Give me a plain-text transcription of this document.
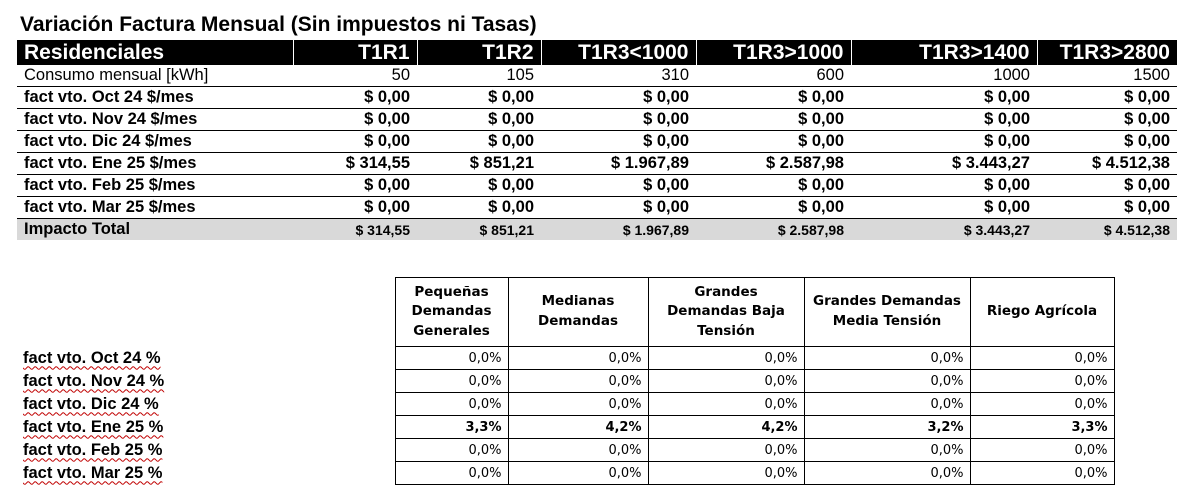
Variación Factura Mensual (Sin impuestos ni Tasas)
Residenciales	T1R1	T1R2	T1R3<1000	T1R3>1000	T1R3>1400	T1R3>2800
Consumo mensual [kWh]	50	105	310	600	1000	1500
fact vto. Oct 24 $/mes	$ 0,00	$ 0,00	$ 0,00	$ 0,00	$ 0,00	$ 0,00
fact vto. Nov 24 $/mes	$ 0,00	$ 0,00	$ 0,00	$ 0,00	$ 0,00	$ 0,00
fact vto. Dic 24 $/mes	$ 0,00	$ 0,00	$ 0,00	$ 0,00	$ 0,00	$ 0,00
fact vto. Ene 25 $/mes	$ 314,55	$ 851,21	$ 1.967,89	$ 2.587,98	$ 3.443,27	$ 4.512,38
fact vto. Feb 25 $/mes	$ 0,00	$ 0,00	$ 0,00	$ 0,00	$ 0,00	$ 0,00
fact vto. Mar 25 $/mes	$ 0,00	$ 0,00	$ 0,00	$ 0,00	$ 0,00	$ 0,00
Impacto Total	$ 314,55	$ 851,21	$ 1.967,89	$ 2.587,98	$ 3.443,27	$ 4.512,38
	Pequeñas Demandas Generales	Medianas Demandas	Grandes Demandas Baja Tensión	Grandes Demandas Media Tensión	Riego Agrícola
fact vto. Oct 24 %	0,0%	0,0%	0,0%	0,0%	0,0%
fact vto. Nov 24 %	0,0%	0,0%	0,0%	0,0%	0,0%
fact vto. Dic 24 %	0,0%	0,0%	0,0%	0,0%	0,0%
fact vto. Ene 25 %	3,3%	4,2%	4,2%	3,2%	3,3%
fact vto. Feb 25 %	0,0%	0,0%	0,0%	0,0%	0,0%
fact vto. Mar 25 %	0,0%	0,0%	0,0%	0,0%	0,0%
